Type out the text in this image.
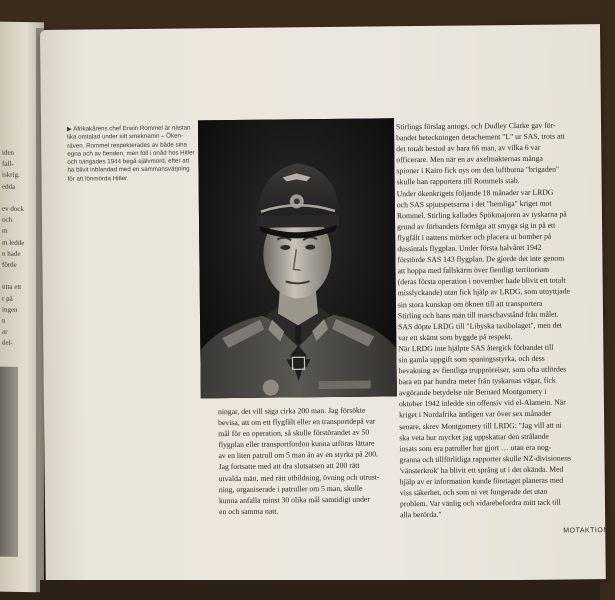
iden
fall-
iskrig.
edda
ev dock
och
m
m ledde
n hade
förde
utta ett
r på
ingen
n
ar
del-
▶ Afrikakårens chef Erwin Rommel är nästan
lika omtalad under sitt smeknamn – Öken-
räven. Rommel respekterades av både sina
egna och av fienden, men föll i onåd hos Hitler
och tvingades 1944 begå självmord, efter att
ha blivit inblandad med en sammansvärjning
för att lönmörda Hitler.
ningar, det vill säga cirka 200 man. Jag försökte
bevisa, att om ett flygfält eller en transportdepå var
mål för en operation, så skulle förstörandet av 50
flygplan eller transportfordon kunna utföras lättare
av en liten patrull om 5 man än av en styrka på 200.
Jag fortsatte med att dra slutsatsen att 200 rätt
utvalda män, med rätt utbildning, övning och utrust-
ning, organiserade i patruller om 5 man, skulle
kunna anfalla minst 30 olika mål samtidigt under
en och samma natt.
Stirlings förslag antogs, och Dudley Clarke gav för-
bandet beteckningen detachement "L" ur SAS, trots att
det totalt bestod av bara 66 man, av vilka 6 var
officerare. Men när en av axelmakternas många
spioner i Kairo fick nys om den luftburna "brigaden"
skulle han rapportera till Rommels stab.
Under ökenkrigets följande 18 månader var LRDG
och SAS spjutspetsarna i det "hemliga" kriget mot
Rommel. Stirling kallades Spökmajoren av tyskarna på
grund av förbandets förmåga att smyga sig in på ett
flygfält i nattens mörker och placera ut bomber på
dussintals flygplan. Under första halvåret 1942
förstörde SAS 143 flygplan. De gjorde det inte genom
att hoppa med fallskärm över fientligt territorium
(deras första operation i november hade blivit ett totalt
misslyckande) utan fick hjälp av LRDG, som utnyttjade
sin stora kunskap om öknen till att transportera
Stirling och hans män till marschavstånd från målet.
SAS döpte LRDG till "Libyska taxibolaget", men det
var ett skämt som byggde på respekt.
När LRDG inte hjälpte SAS återgick förbandet till
sin gamla uppgift som spaningsstyrka, och dess
bevakning av fientliga truppröreiser, som ofta utfördes
bara ett par hundra meter från tyskarnas vägar, fick
avgörande betydelse när Bernard Montgomery i
oktober 1942 inledde sin offensiv vid el-Alamein. När
kriget i Nordafrika äntligen var över sex månader
senare, skrev Montgomery till LRDG: "Jag vill att ni
ska veta hur mycket jag uppskattar den strålande
insats som era patruller har gjort … utan era nog-
granna och tillförlitliga rapporter skulle NZ-divisionens
'vänsterkrok' ha blivit ett språng ut i det okända. Med
hjälp av er information kunde företaget planeras med
viss säkerhet, och som ni vet fungerade det utan
problem. Var vänlig och vidarebefordra mitt tack till
alla berörda."
MOTAKTIONE
